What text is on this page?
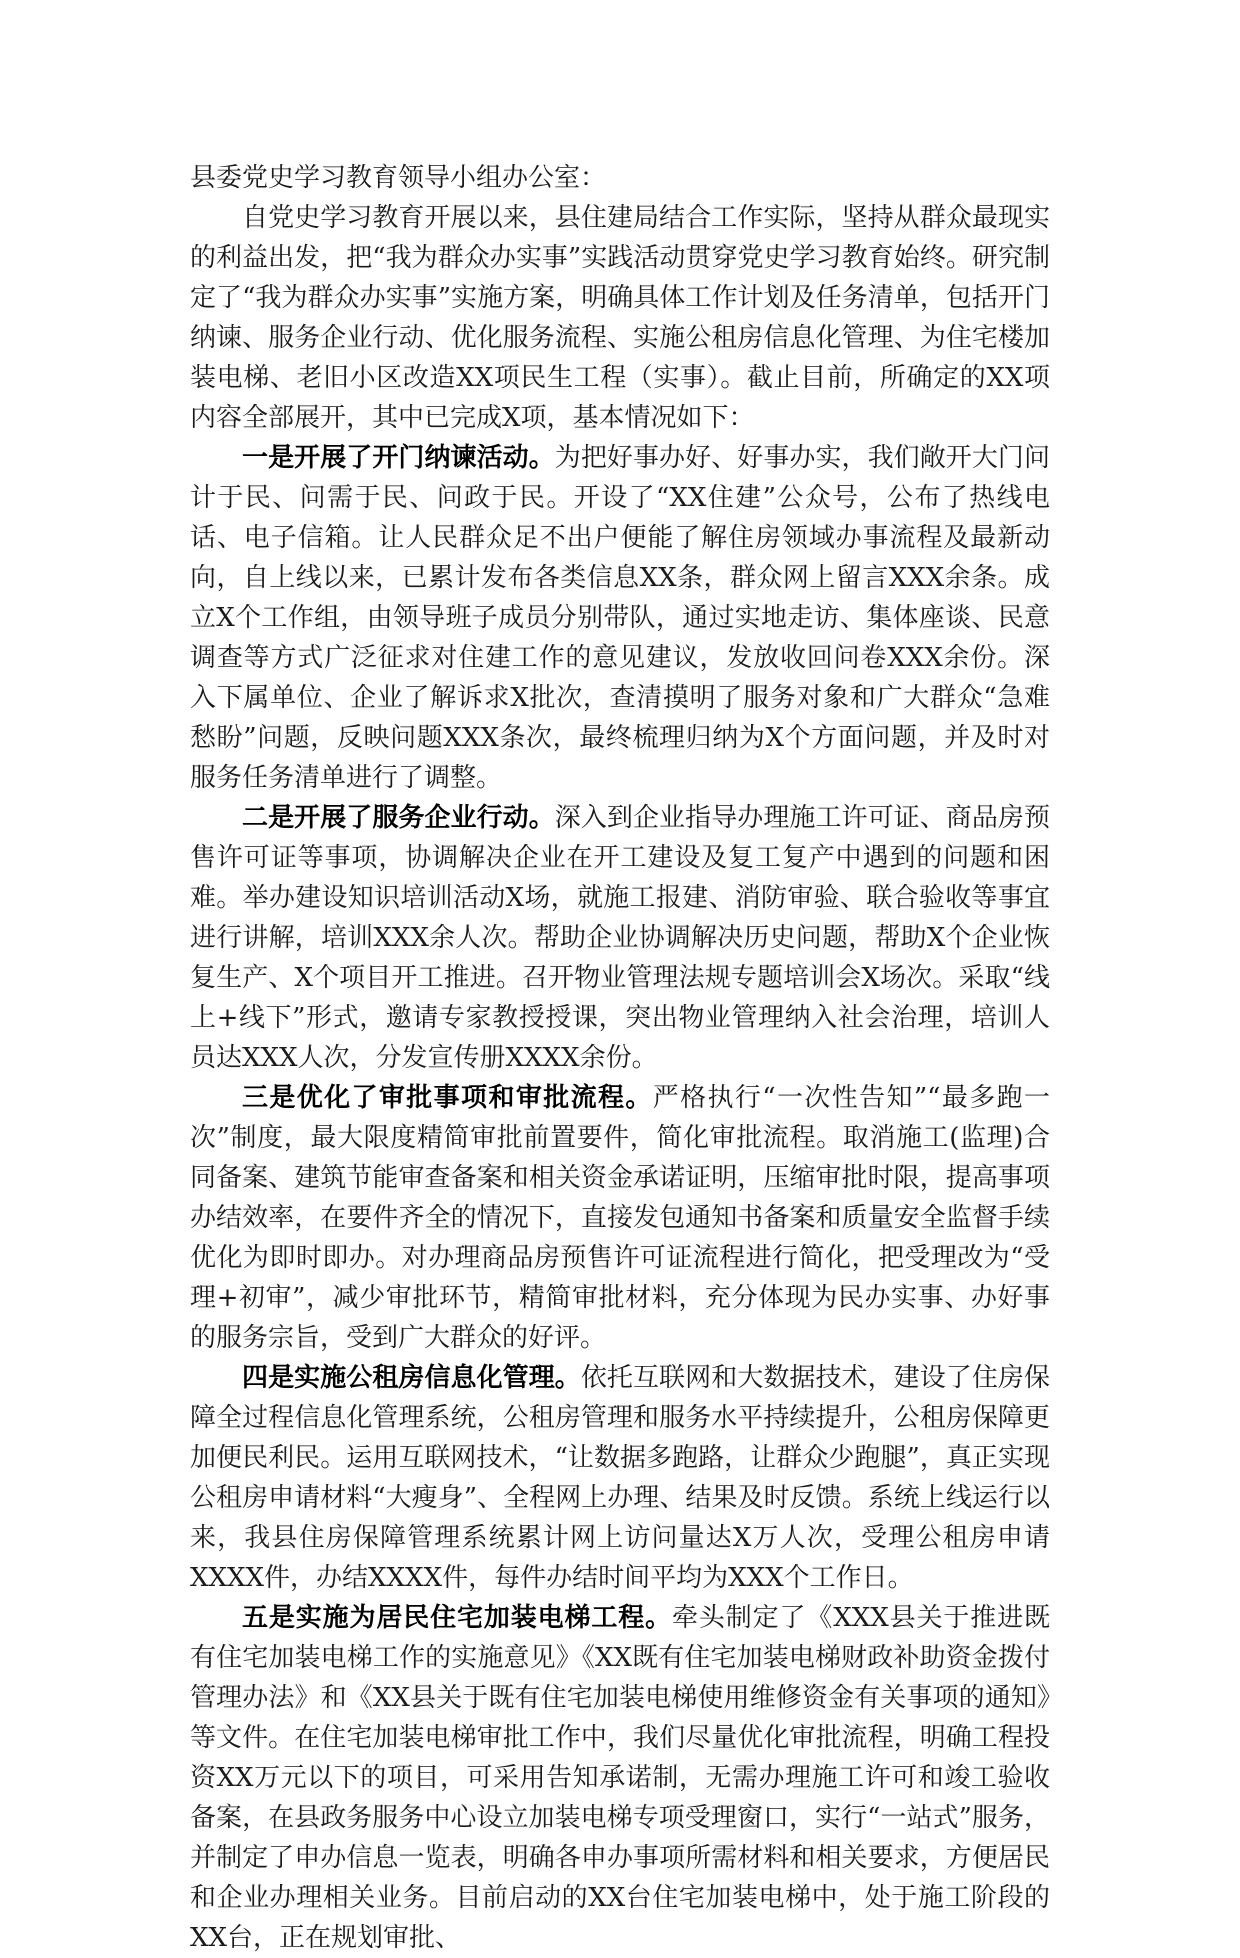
县委党史学习教育领导小组办公室：

自党史学习教育开展以来，县住建局结合工作实际，坚持从群众最现实的利益出发，把“我为群众办实事”实践活动贯穿党史学习教育始终。研究制定了“我为群众办实事”实施方案，明确具体工作计划及任务清单，包括开门纳谏、服务企业行动、优化服务流程、实施公租房信息化管理、为住宅楼加装电梯、老旧小区改造XX项民生工程（实事）。截止目前，所确定的XX项内容全部展开，其中已完成X项，基本情况如下：

一是开展了开门纳谏活动。为把好事办好、好事办实，我们敞开大门问计于民、问需于民、问政于民。开设了“XX住建”公众号，公布了热线电话、电子信箱。让人民群众足不出户便能了解住房领域办事流程及最新动向，自上线以来，已累计发布各类信息XX条，群众网上留言XXX余条。成立X个工作组，由领导班子成员分别带队，通过实地走访、集体座谈、民意调查等方式广泛征求对住建工作的意见建议，发放收回问卷XXX余份。深入下属单位、企业了解诉求X批次，查清摸明了服务对象和广大群众“急难愁盼”问题，反映问题XXX条次，最终梳理归纳为X个方面问题，并及时对服务任务清单进行了调整。

二是开展了服务企业行动。深入到企业指导办理施工许可证、商品房预售许可证等事项，协调解决企业在开工建设及复工复产中遇到的问题和困难。举办建设知识培训活动X场，就施工报建、消防审验、联合验收等事宜进行讲解，培训XXX余人次。帮助企业协调解决历史问题，帮助X个企业恢复生产、X个项目开工推进。召开物业管理法规专题培训会X场次。采取“线上+线下”形式，邀请专家教授授课，突出物业管理纳入社会治理，培训人员达XXX人次，分发宣传册XXXX余份。

三是优化了审批事项和审批流程。严格执行“一次性告知”“最多跑一次”制度，最大限度精简审批前置要件，简化审批流程。取消施工(监理)合同备案、建筑节能审查备案和相关资金承诺证明，压缩审批时限，提高事项办结效率，在要件齐全的情况下，直接发包通知书备案和质量安全监督手续优化为即时即办。对办理商品房预售许可证流程进行简化，把受理改为“受理+初审”，减少审批环节，精简审批材料，充分体现为民办实事、办好事的服务宗旨，受到广大群众的好评。

四是实施公租房信息化管理。依托互联网和大数据技术，建设了住房保障全过程信息化管理系统，公租房管理和服务水平持续提升，公租房保障更加便民利民。运用互联网技术，“让数据多跑路，让群众少跑腿”，真正实现公租房申请材料“大瘦身”、全程网上办理、结果及时反馈。系统上线运行以来，我县住房保障管理系统累计网上访问量达X万人次，受理公租房申请XXXX件，办结XXXX件，每件办结时间平均为XXX个工作日。

五是实施为居民住宅加装电梯工程。牵头制定了《XXX县关于推进既有住宅加装电梯工作的实施意见》《XX既有住宅加装电梯财政补助资金拨付管理办法》和《XX县关于既有住宅加装电梯使用维修资金有关事项的通知》等文件。在住宅加装电梯审批工作中，我们尽量优化审批流程，明确工程投资XX万元以下的项目，可采用告知承诺制，无需办理施工许可和竣工验收备案，在县政务服务中心设立加装电梯专项受理窗口，实行“一站式”服务，并制定了申办信息一览表，明确各申办事项所需材料和相关要求，方便居民和企业办理相关业务。目前启动的XX台住宅加装电梯中，处于施工阶段的XX台，正在规划审批、
